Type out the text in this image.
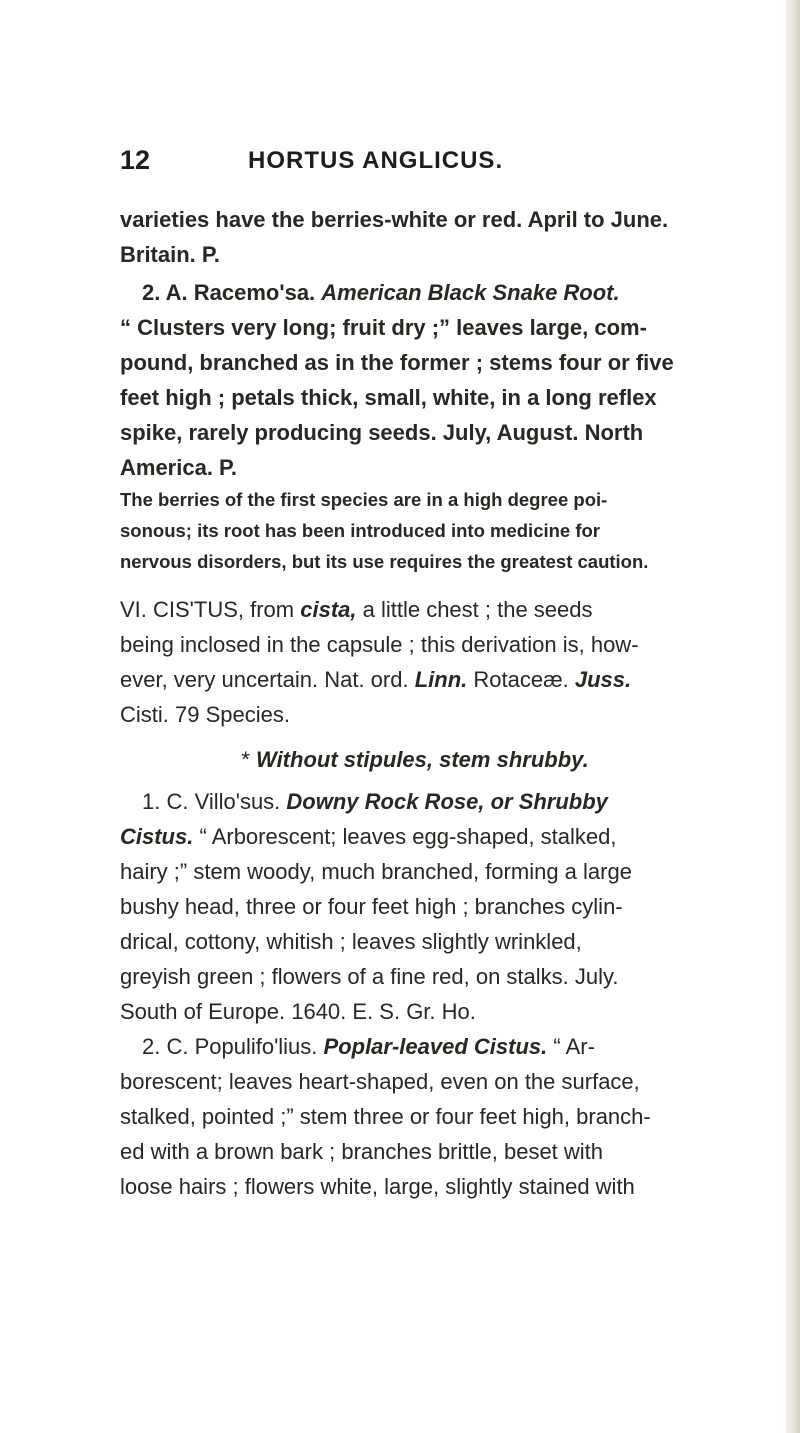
12	HORTUS ANGLICUS.
varieties have the berries-white or red. April to June.
Britain. P.
2. A. Racemo'sa. American Black Snake Root.
“ Clusters very long; fruit dry ;” leaves large, com-
pound, branched as in the former ; stems four or five
feet high ; petals thick, small, white, in a long reflex
spike, rarely producing seeds. July, August. North
America. P.
The berries of the first species are in a high degree poi-
sonous; its root has been introduced into medicine for
nervous disorders, but its use requires the greatest caution.
VI. CIS'TUS, from cista, a little chest ; the seeds
being inclosed in the capsule ; this derivation is, how-
ever, very uncertain. Nat. ord. Linn. Rotaceæ. Juss.
Cisti. 79 Species.
* Without stipules, stem shrubby.
1. C. Villo'sus. Downy Rock Rose, or Shrubby
Cistus. “ Arborescent; leaves egg-shaped, stalked,
hairy ;” stem woody, much branched, forming a large
bushy head, three or four feet high ; branches cylin-
drical, cottony, whitish ; leaves slightly wrinkled,
greyish green ; flowers of a fine red, on stalks. July.
South of Europe. 1640. E. S. Gr. Ho.
2. C. Populifo'lius. Poplar-leaved Cistus. “ Ar-
borescent; leaves heart-shaped, even on the surface,
stalked, pointed ;” stem three or four feet high, branch-
ed with a brown bark ; branches brittle, beset with
loose hairs ; flowers white, large, slightly stained with
